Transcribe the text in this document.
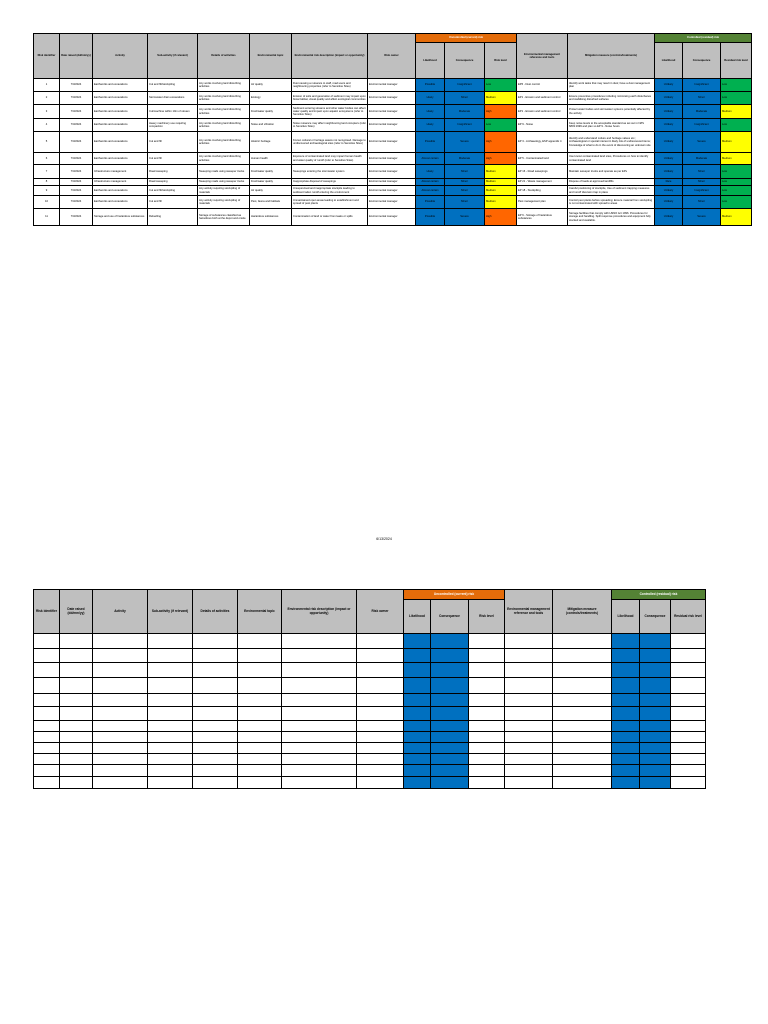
Risk identifier	Date raised (dd/mm/yy)	Activity	Sub-activity (if relevant)	Details of activities	Environmental topic	Environmental risk description (impact or opportunity)	Risk owner	Uncontrolled (current) risk			Environmental management reference and tools	Mitigation measure (controls/treatments)	Controlled (residual) risk		
								Likelihood	Consequence	Risk level			Likelihood	Consequence	Residual risk level
1	7/3/2024	Earthworks and excavations	Cut and fill/stockpiling	Any works involving land disturbing activities	Air quality	Dust causing a nuisance to staff, road users and neighbouring properties (refer to Sensitive Sites)	Environmental manager	Possible	Insignificant	Low	EP6 - Dust control	Identify work tasks that may result in dust; have a dust management plan	Unlikely	Insignificant	Low
2	7/3/2024	Earthworks and excavations	Stormwater drain excavations	Any works involving land disturbing activities	Ecology	Erosion of soils and generation of sediment may impact upon biota habitat, visual quality and affect ecological communities	Environmental manager	Likely	Minor	Medium	EP1 - Erosion and sediment control	Ensure preventive procedures including minimising earth disturbance and stabilising disturbed surfaces	Unlikely	Minor	Low
3	7/3/2024	Earthworks and excavations	Cut/machine within 10m of stream	Any works involving land disturbing activities	Freshwater quality	Sediment entering streams and other water bodies can affect water quality and impact upon aquatic ecosystems (refer to Sensitive Sites)	Environmental manager	Likely	Moderate	High	EP1 - Erosion and sediment control	Protect water bodies and stormwater systems potentially affected by the activity	Unlikely	Moderate	Medium
4	7/3/2024	Earthworks and excavations	Heavy machinery use requiring compaction	Any works involving land disturbing activities	Noise and vibration	Noise nuisance may affect neighbouring land occupiers (refer to Sensitive Sites)	Environmental manager	Likely	Insignificant	Low	EP 9 - Noise	Keep noise levels to the acceptable standard as set out in NZS 6803:1999 and plan so EP 9 - Noise hours	Unlikely	Insignificant	Low
5	7/3/2024	Earthworks and excavations	Cut and fill	Any works involving land disturbing activities	Historic heritage	Known cultural or heritage assets not recognised. Damage to undiscovered archaeological sites (refer to Sensitive Sites)	Environmental manager	Possible	Severe	High	EP 3 - Archaeology, ESP appendix 4	Identify and understand culture and heritage values etc.; Archaeological or special interest in likely risk of undiscovered items; Knowledge of what to do in the event of discovering an unknown site	Unlikely	Severe	Medium
6	7/3/2024	Earthworks and excavations	Cut and fill	Any works involving land disturbing activities	Human health	Exposure of contaminated land may impact human health and water quality of runoff (refer to Sensitive Sites)	Environmental manager	Almost certain	Moderate	High	EP 5 - Contaminated land	Use known contaminated land sites, Procedures on how to identify contaminated land	Unlikely	Moderate	Medium
7	7/3/2024	Infrastructure management	Road sweeping	Sweeping roads using sweeper trucks	Freshwater quality	Sweepings entering the stormwater system	Environmental manager	Likely	Minor	Medium	EP 16 - Road sweepings	Maintain sweeper trucks and operate as per EPs	Unlikely	Minor	Low
8	7/3/2024	Infrastructure management	Road sweeping	Sweeping roads using sweeper trucks	Freshwater quality	Inappropriate disposal of sweepings	Environmental manager	Almost certain	Minor	Medium	EP 21 - Waste management	Dispose of loads at approved landfills	Rare	Minor	Low
9	7/3/2024	Earthworks and excavations	Cut and fill/stockpiling	Any activity requiring stockpiling of materials	Air quality	Unsupervised and inappropriate stockpile leading to sediment laden runoff entering the environment	Environmental manager	Almost certain	Minor	Medium	EP 18 - Stockpiling	Careful positioning of stockpile, Use of sediment trapping measures and runoff diversion trap in place	Unlikely	Insignificant	Low
10	7/3/2024	Earthworks and excavations	Cut and fill	Any activity requiring stockpiling of materials	Pest, fauna and habitats	Unmaintained open areas leading to establishment and spread of pest plants	Environmental manager	Possible	Minor	Medium	Pest management plan	Control pest plants before spreading; Ensure material from stockpiling is not contaminated with spread to areas	Unlikely	Minor	Low
11	7/3/2024	Storage and use of hazardous substances	Refuelling	Storage of substances classified as hazardous both at the depot and onsite	Hazardous substances	Contamination of land or water from leaks or spills	Environmental manager	Possible	Severe	High	EP 6 - Storage of hazardous substances	Storage facilities that comply with HSNO Act 1996. Procedures for storage and handling. Spill response procedures and equipment fully stocked and available.	Unlikely	Severe	Medium
6/13/2024
Risk identifier	Date raised (dd/mm/yy)	Activity	Sub-activity (if relevant)	Details of activities	Environmental topic	Environmental risk description (impact or opportunity)	Risk owner	Uncontrolled (current) risk			Environmental management reference and tools	Mitigation measure (controls/treatments)	Controlled (residual) risk		
								Likelihood	Consequence	Risk level			Likelihood	Consequence	Residual risk level
